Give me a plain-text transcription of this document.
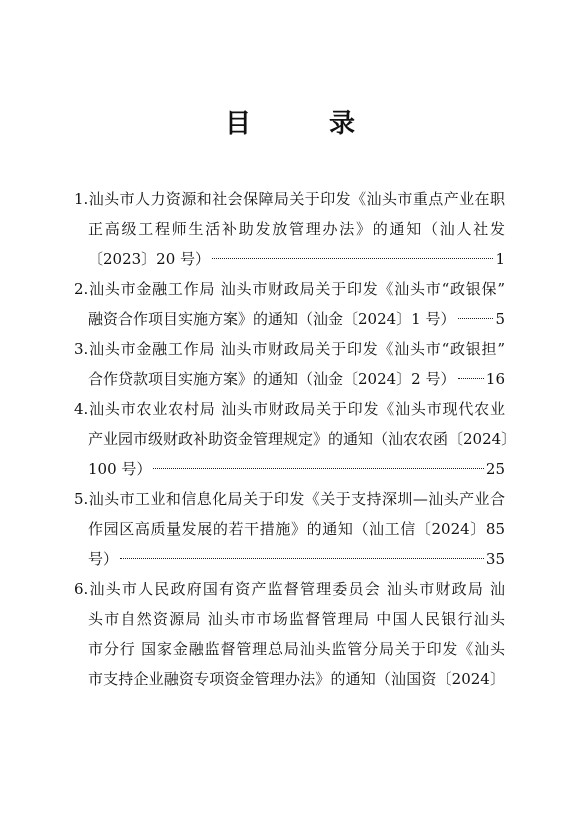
目	录
1.汕头市人力资源和社会保障局关于印发《汕头市重点产业在职
正高级工程师生活补助发放管理办法》的通知（汕人社发
〔2023〕20 号）	1
2.汕头市金融工作局 汕头市财政局关于印发《汕头市“政银保”
融资合作项目实施方案》的通知（汕金〔2024〕1 号）	5
3.汕头市金融工作局 汕头市财政局关于印发《汕头市“政银担”
合作贷款项目实施方案》的通知（汕金〔2024〕2 号） 16
4.汕头市农业农村局 汕头市财政局关于印发《汕头市现代农业
产业园市级财政补助资金管理规定》的通知（汕农农函〔2024〕
100 号）	25
5.汕头市工业和信息化局关于印发《关于支持深圳—汕头产业合
作园区高质量发展的若干措施》的通知（汕工信〔2024〕85
号）	35
6.汕头市人民政府国有资产监督管理委员会 汕头市财政局 汕
头市自然资源局 汕头市市场监督管理局 中国人民银行汕头
市分行 国家金融监督管理总局汕头监管分局关于印发《汕头
市支持企业融资专项资金管理办法》的通知（汕国资〔2024〕
